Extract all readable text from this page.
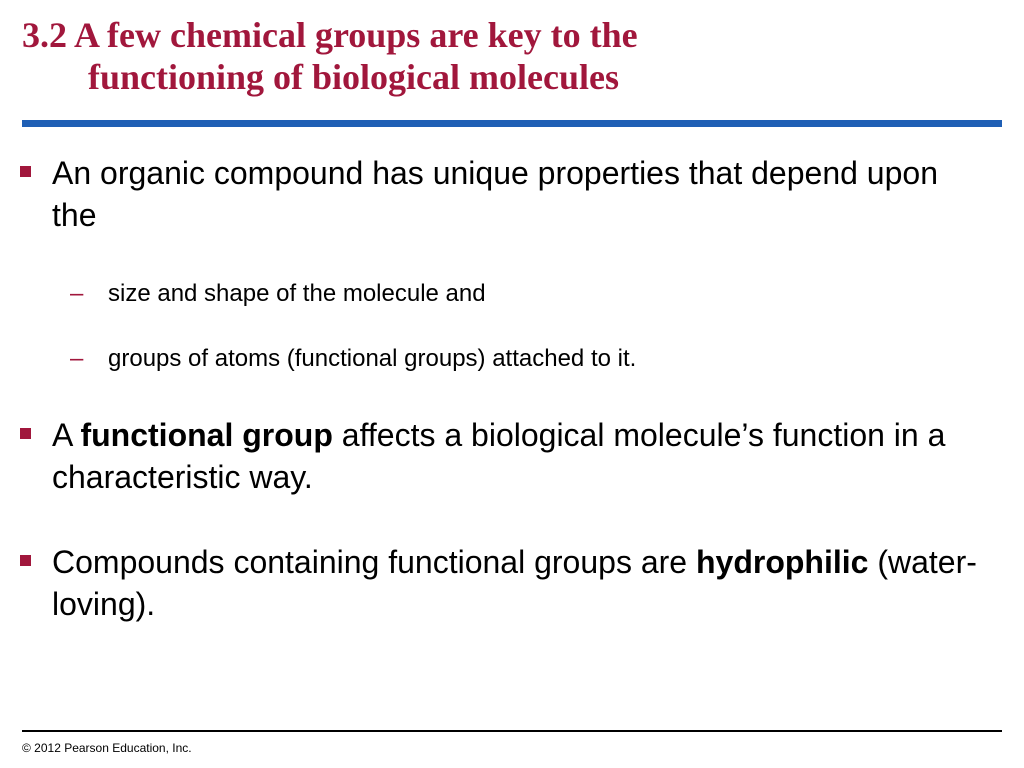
3.2 A few chemical groups are key to the
functioning of biological molecules
An organic compound has unique properties that depend upon the
– size and shape of the molecule and
– groups of atoms (functional groups) attached to it.
A functional group affects a biological molecule’s function in a characteristic way.
Compounds containing functional groups are hydrophilic (water-loving).
© 2012 Pearson Education, Inc.
